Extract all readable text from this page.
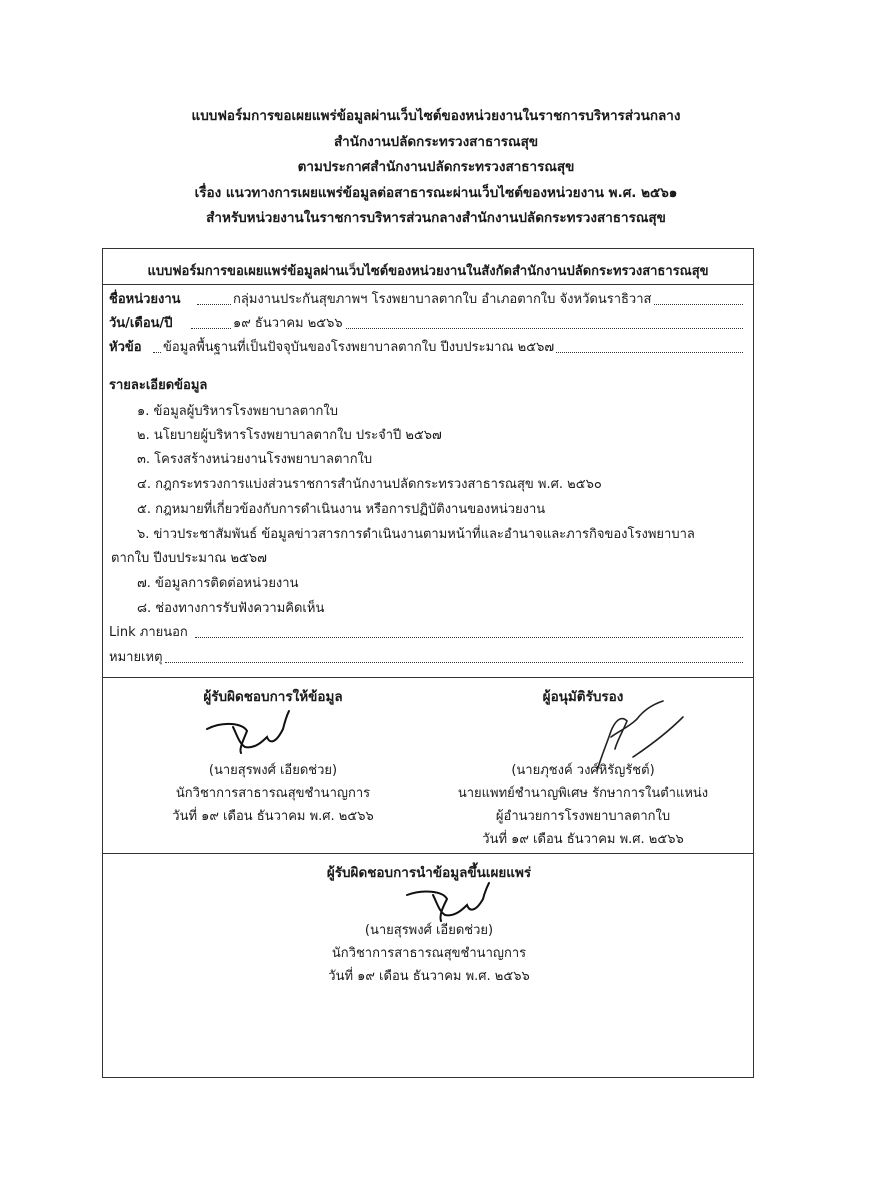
แบบฟอร์มการขอเผยแพร่ข้อมูลผ่านเว็บไซต์ของหน่วยงานในราชการบริหารส่วนกลาง
สำนักงานปลัดกระทรวงสาธารณสุข
ตามประกาศสำนักงานปลัดกระทรวงสาธารณสุข
เรื่อง แนวทางการเผยแพร่ข้อมูลต่อสาธารณะผ่านเว็บไซต์ของหน่วยงาน พ.ศ. ๒๕๖๑
สำหรับหน่วยงานในราชการบริหารส่วนกลางสำนักงานปลัดกระทรวงสาธารณสุข
แบบฟอร์มการขอเผยแพร่ข้อมูลผ่านเว็บไซต์ของหน่วยงานในสังกัดสำนักงานปลัดกระทรวงสาธารณสุข
ชื่อหน่วยงาน	กลุ่มงานประกันสุขภาพฯ โรงพยาบาลตากใบ อำเภอตากใบ จังหวัดนราธิวาส
วัน/เดือน/ปี	๑๙ ธันวาคม ๒๕๖๖
หัวข้อ ข้อมูลพื้นฐานที่เป็นปัจจุบันของโรงพยาบาลตากใบ ปีงบประมาณ ๒๕๖๗
รายละเอียดข้อมูล
๑. ข้อมูลผู้บริหารโรงพยาบาลตากใบ
๒. นโยบายผู้บริหารโรงพยาบาลตากใบ ประจำปี ๒๕๖๗
๓. โครงสร้างหน่วยงานโรงพยาบาลตากใบ
๔. กฎกระทรวงการแบ่งส่วนราชการสำนักงานปลัดกระทรวงสาธารณสุข พ.ศ. ๒๕๖๐
๕. กฎหมายที่เกี่ยวข้องกับการดำเนินงาน หรือการปฏิบัติงานของหน่วยงาน
๖. ข่าวประชาสัมพันธ์ ข้อมูลข่าวสารการดำเนินงานตามหน้าที่และอำนาจและภารกิจของโรงพยาบาล
ตากใบ ปีงบประมาณ ๒๕๖๗
๗. ข้อมูลการติดต่อหน่วยงาน
๘. ช่องทางการรับฟังความคิดเห็น
Link ภายนอก
หมายเหตุ
ผู้รับผิดชอบการให้ข้อมูล
(นายสุรพงศ์ เอียดช่วย)
นักวิชาการสาธารณสุขชำนาญการ
วันที่ ๑๙ เดือน ธันวาคม พ.ศ. ๒๕๖๖
ผู้อนุมัติรับรอง
(นายภุชงค์ วงศ์หิรัญรัชต์)
นายแพทย์ชำนาญพิเศษ รักษาการในตำแหน่ง
ผู้อำนวยการโรงพยาบาลตากใบ
วันที่ ๑๙ เดือน ธันวาคม พ.ศ. ๒๕๖๖
ผู้รับผิดชอบการนำข้อมูลขึ้นเผยแพร่
(นายสุรพงศ์ เอียดช่วย)
นักวิชาการสาธารณสุขชำนาญการ
วันที่ ๑๙ เดือน ธันวาคม พ.ศ. ๒๕๖๖
